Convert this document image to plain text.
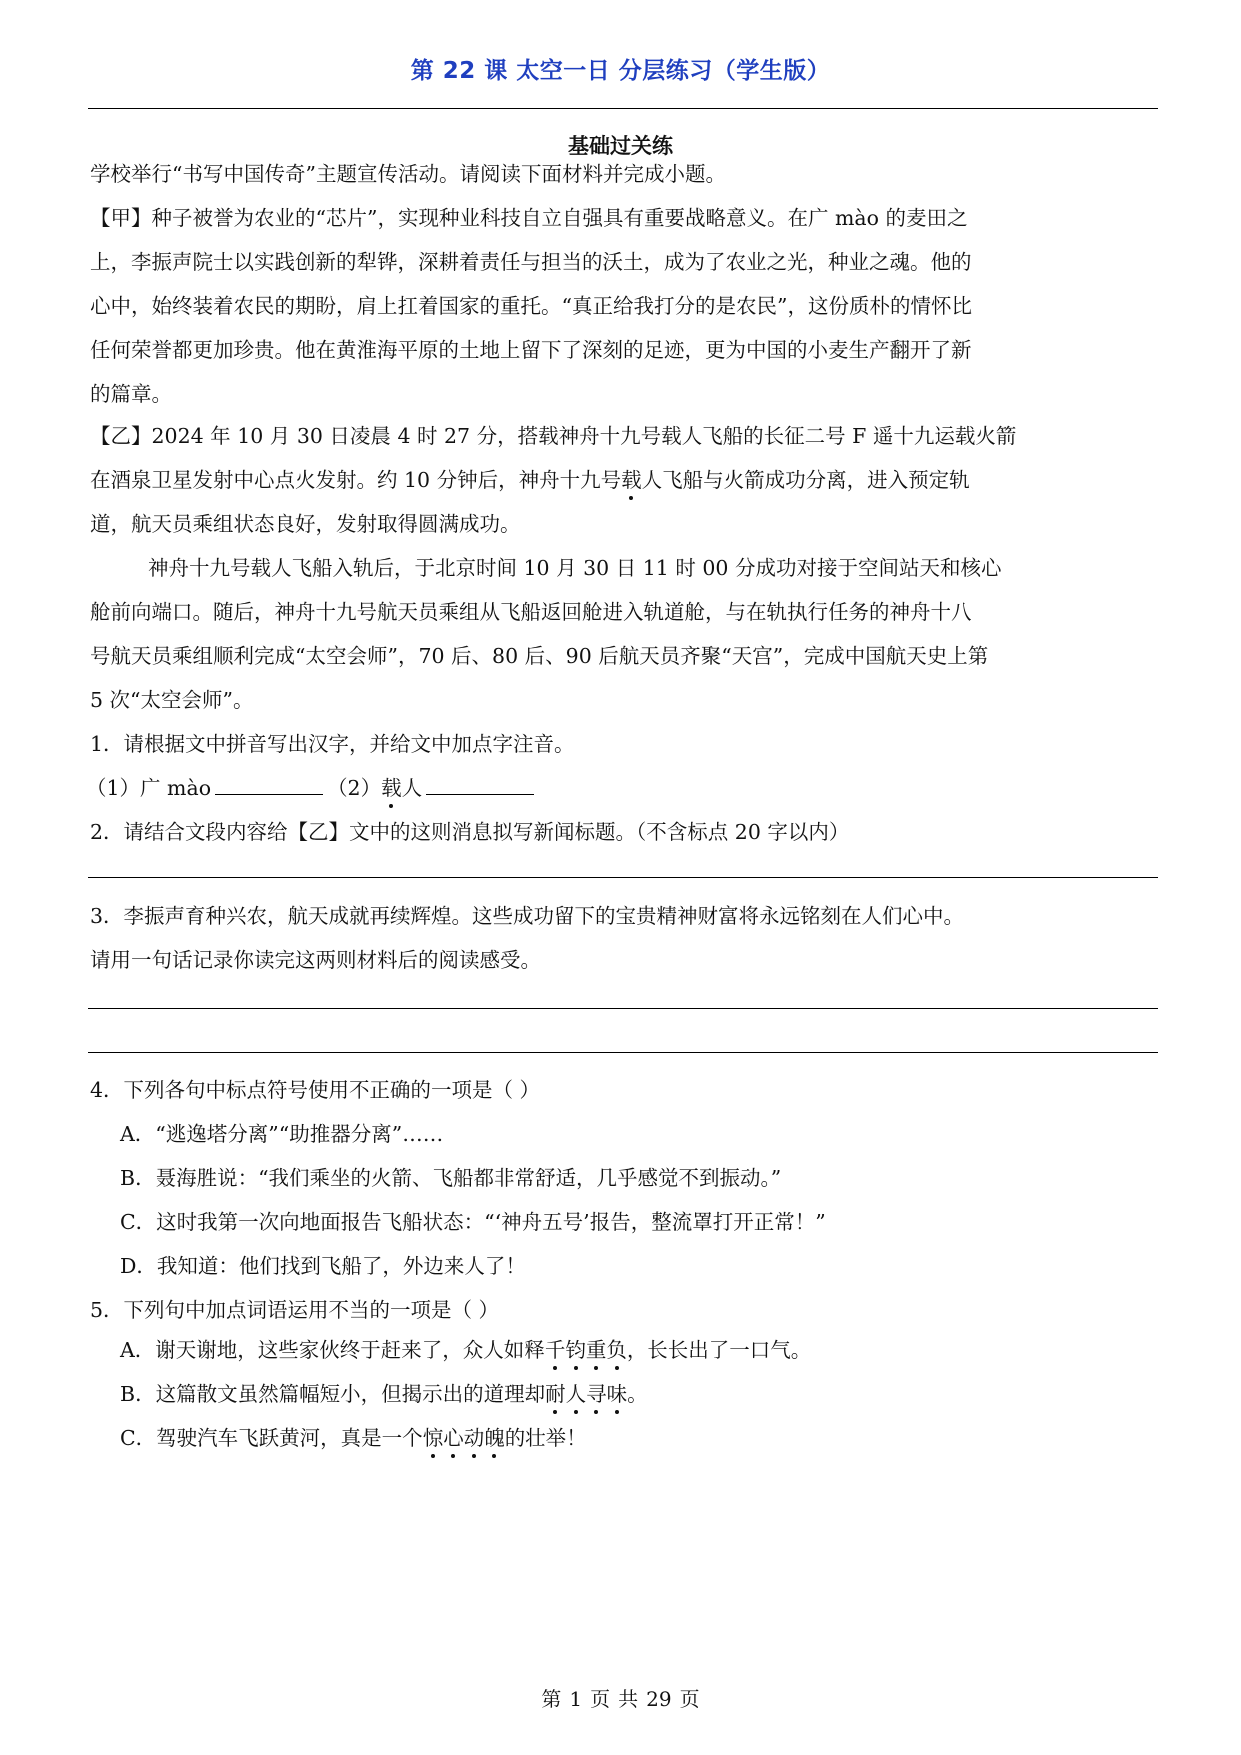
第 22 课 太空一日 分层练习（学生版）
基础过关练
学校举行“书写中国传奇”主题宣传活动。请阅读下面材料并完成小题。
【甲】种子被誉为农业的“芯片”，实现种业科技自立自强具有重要战略意义。在广 mào 的麦田之
上，李振声院士以实践创新的犁铧，深耕着责任与担当的沃土，成为了农业之光，种业之魂。他的
心中，始终装着农民的期盼，肩上扛着国家的重托。“真正给我打分的是农民”，这份质朴的情怀比
任何荣誉都更加珍贵。他在黄淮海平原的土地上留下了深刻的足迹，更为中国的小麦生产翻开了新
的篇章。
【乙】2024 年 10 月 30 日凌晨 4 时 27 分，搭载神舟十九号载人飞船的长征二号 F 遥十九运载火箭
在酒泉卫星发射中心点火发射。约 10 分钟后，神舟十九号载人飞船与火箭成功分离，进入预定轨
道，航天员乘组状态良好，发射取得圆满成功。
神舟十九号载人飞船入轨后，于北京时间 10 月 30 日 11 时 00 分成功对接于空间站天和核心
舱前向端口。随后，神舟十九号航天员乘组从飞船返回舱进入轨道舱，与在轨执行任务的神舟十八
号航天员乘组顺利完成“太空会师”，70 后、80 后、90 后航天员齐聚“天宫”，完成中国航天史上第
5 次“太空会师”。
1．请根据文中拼音写出汉字，并给文中加点字注音。
（1）广 mào	（2）载人
2．请结合文段内容给【乙】文中的这则消息拟写新闻标题。（不含标点 20 字以内）
3．李振声育种兴农，航天成就再续辉煌。这些成功留下的宝贵精神财富将永远铭刻在人们心中。
请用一句话记录你读完这两则材料后的阅读感受。
4．下列各句中标点符号使用不正确的一项是（ ）
A．“逃逸塔分离”“助推器分离”……
B．聂海胜说：“我们乘坐的火箭、飞船都非常舒适，几乎感觉不到振动。”
C．这时我第一次向地面报告飞船状态：“‘神舟五号’报告，整流罩打开正常！”
D．我知道：他们找到飞船了，外边来人了！
5．下列句中加点词语运用不当的一项是（ ）
A．谢天谢地，这些家伙终于赶来了，众人如释千钧重负，长长出了一口气。
B．这篇散文虽然篇幅短小，但揭示出的道理却耐人寻味。
C．驾驶汽车飞跃黄河，真是一个惊心动魄的壮举！
第 1 页 共 29 页
